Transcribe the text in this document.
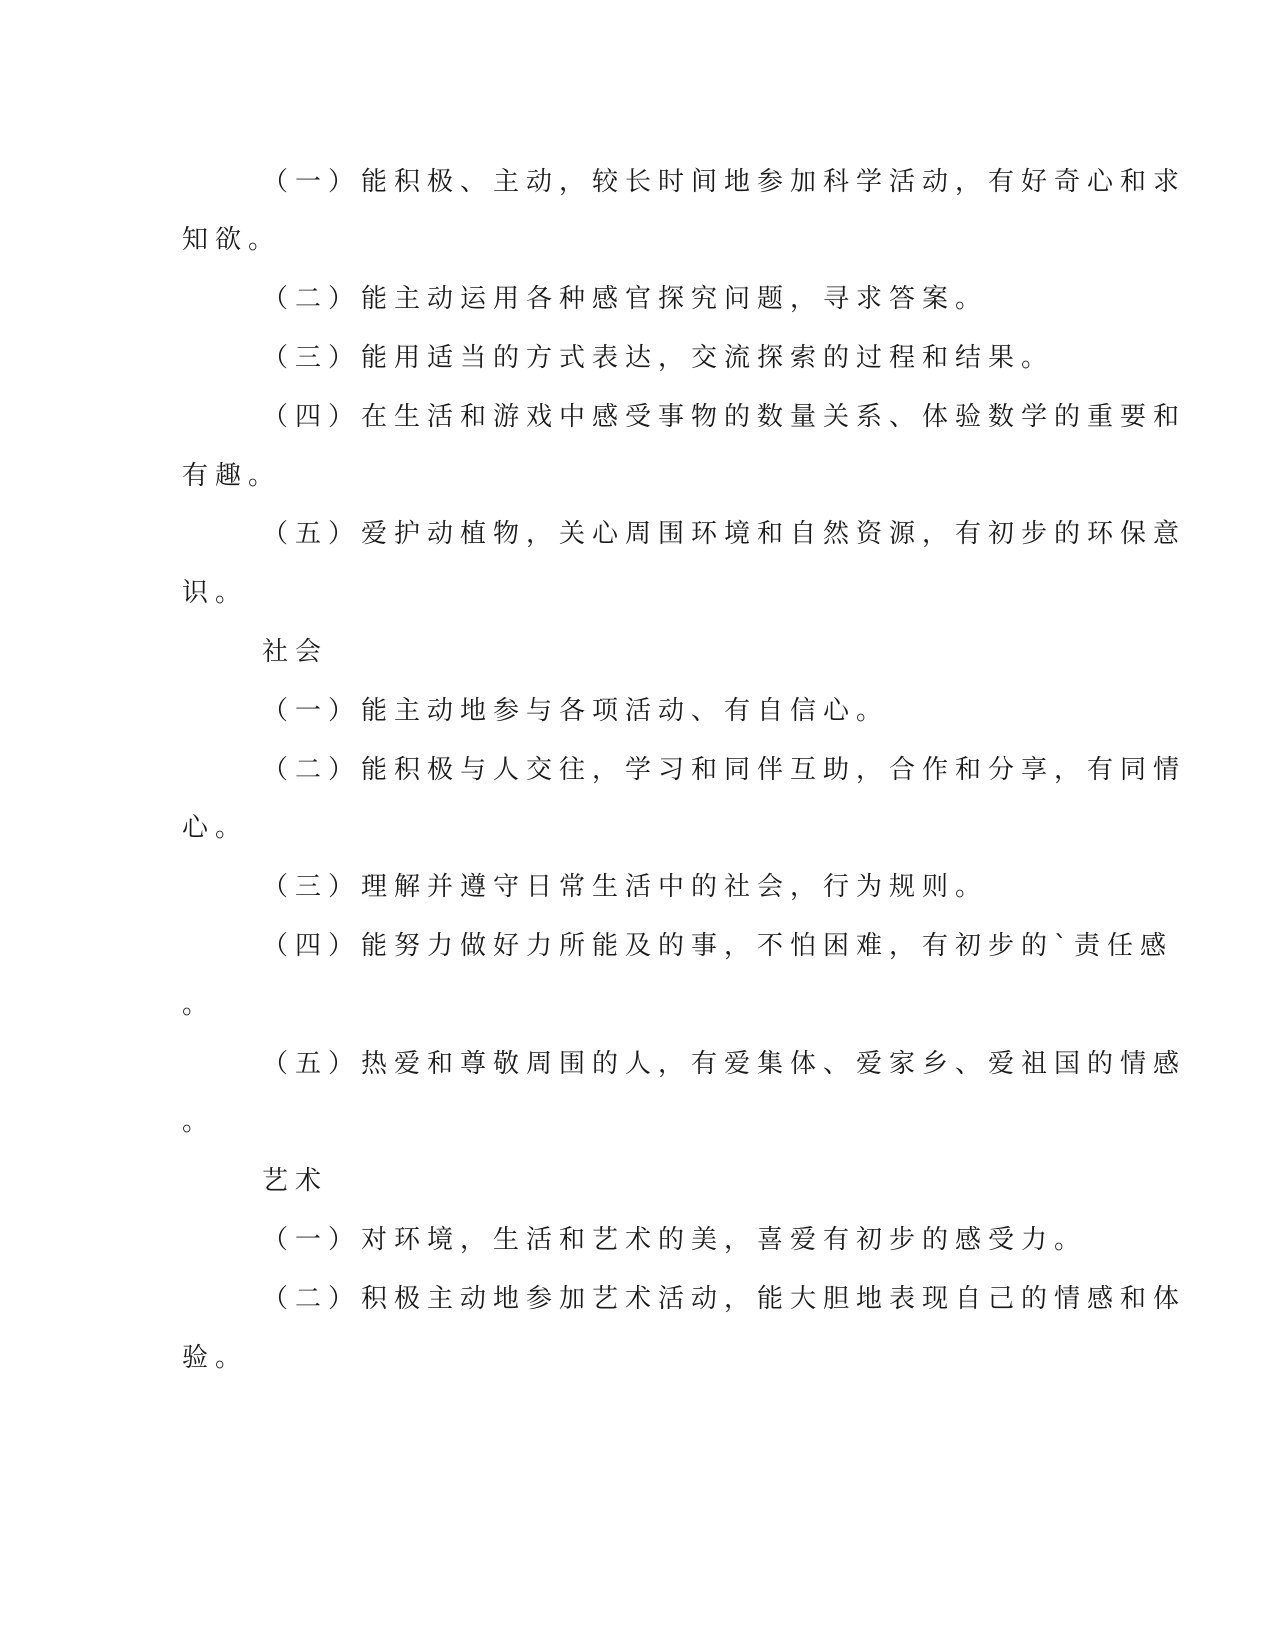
（一）能积极、主动，较长时间地参加科学活动，有好奇心和求
知欲。
（二）能主动运用各种感官探究问题，寻求答案。
（三）能用适当的方式表达，交流探索的过程和结果。
（四）在生活和游戏中感受事物的数量关系、体验数学的重要和
有趣。
（五）爱护动植物，关心周围环境和自然资源，有初步的环保意
识。
社会
（一）能主动地参与各项活动、有自信心。
（二）能积极与人交往，学习和同伴互助，合作和分享，有同情
心。
（三）理解并遵守日常生活中的社会，行为规则。
（四）能努力做好力所能及的事，不怕困难，有初步的`责任感
。
（五）热爱和尊敬周围的人，有爱集体、爱家乡、爱祖国的情感
。
艺术
（一）对环境，生活和艺术的美，喜爱有初步的感受力。
（二）积极主动地参加艺术活动，能大胆地表现自己的情感和体
验。
